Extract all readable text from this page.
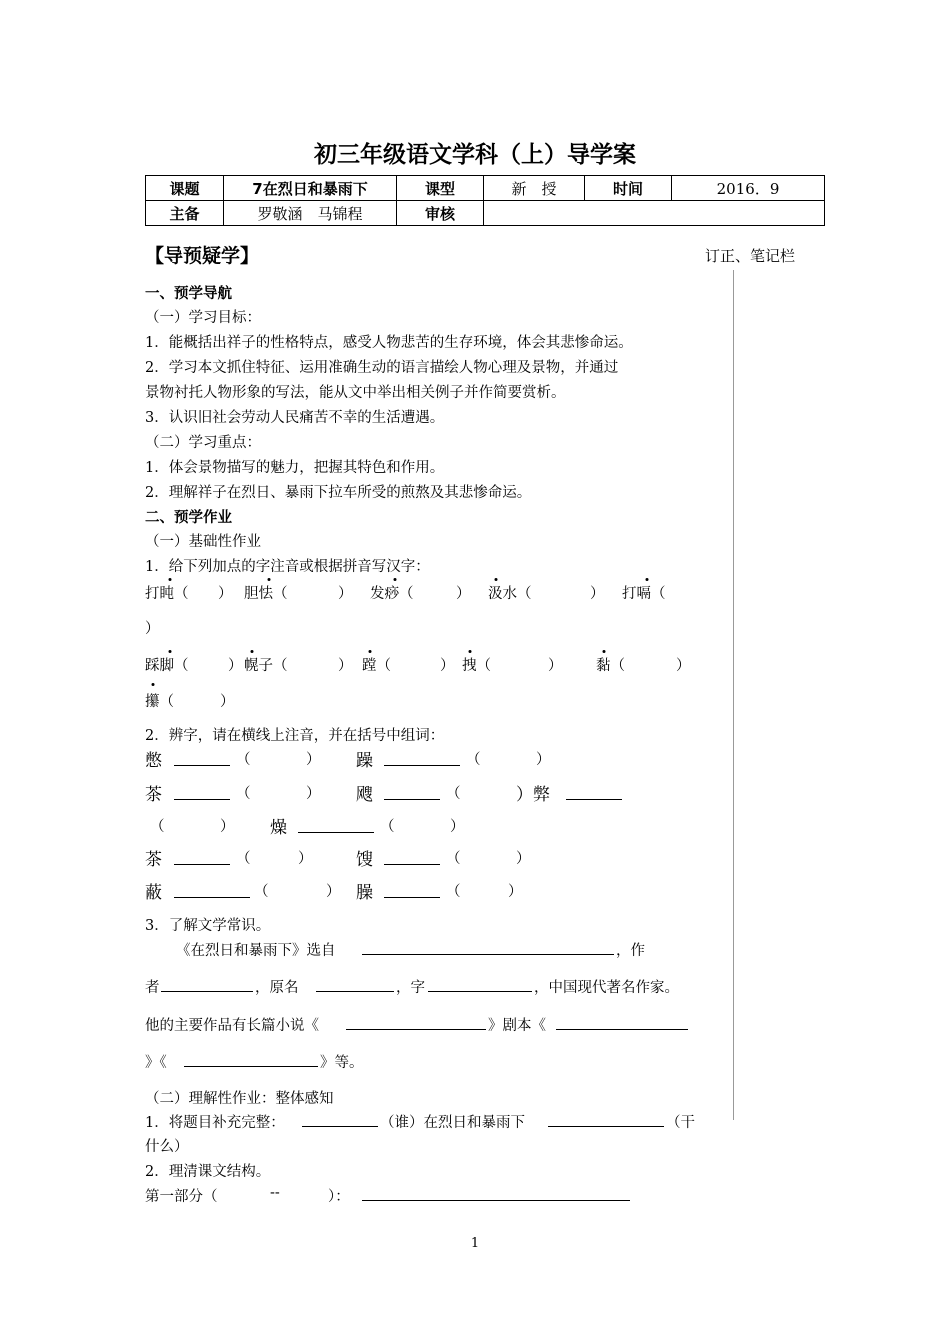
初三年级语文学科（上）导学案
课题	7在烈日和暴雨下	课型	新　授	时间	2016．9
主备	罗敬涵　马锦程	审核			
【导预疑学】	订正、笔记栏
一、预学导航
（一）学习目标：
1．能概括出祥子的性格特点，感受人物悲苦的生存环境，体会其悲惨命运。
2．学习本文抓住特征、运用准确生动的语言描绘人物心理及景物，并通过
景物衬托人物形象的写法，能从文中举出相关例子并作简要赏析。
3．认识旧社会劳动人民痛苦不幸的生活遭遇。
（二）学习重点：
1．体会景物描写的魅力，把握其特色和作用。
2．理解祥子在烈日、暴雨下拉车所受的煎熬及其悲惨命运。
二、预学作业
（一）基础性作业
1．给下列加点的字注音或根据拼音写汉字：
打盹（ ） 胆怯（	） 发痧（	） 汲水（	） 打嗝（
）
踩脚（	） 幌子（	） 蹚（	） 拽（	） 黏（	）
攥（	）
2．辨字，请在横线上注音，并在括号中组词：
憋	（	） 躁	（	）
茶	（	） 飕	（	）弊
（	） 燥	（	）
茶	（	）	馊	（	）
蔽	（	） 臊	（	）
3．了解文学常识。
《在烈日和暴雨下》选自	，作
者	，原名	，字	，中国现代著名作家。
他的主要作品有长篇小说《	》剧本《
》《	》等。
（二）理解性作业：整体感知
1．将题目补充完整：	（谁）在烈日和暴雨下	（干
什么）
2．理清课文结构。
第一部分（	--	）：
1
